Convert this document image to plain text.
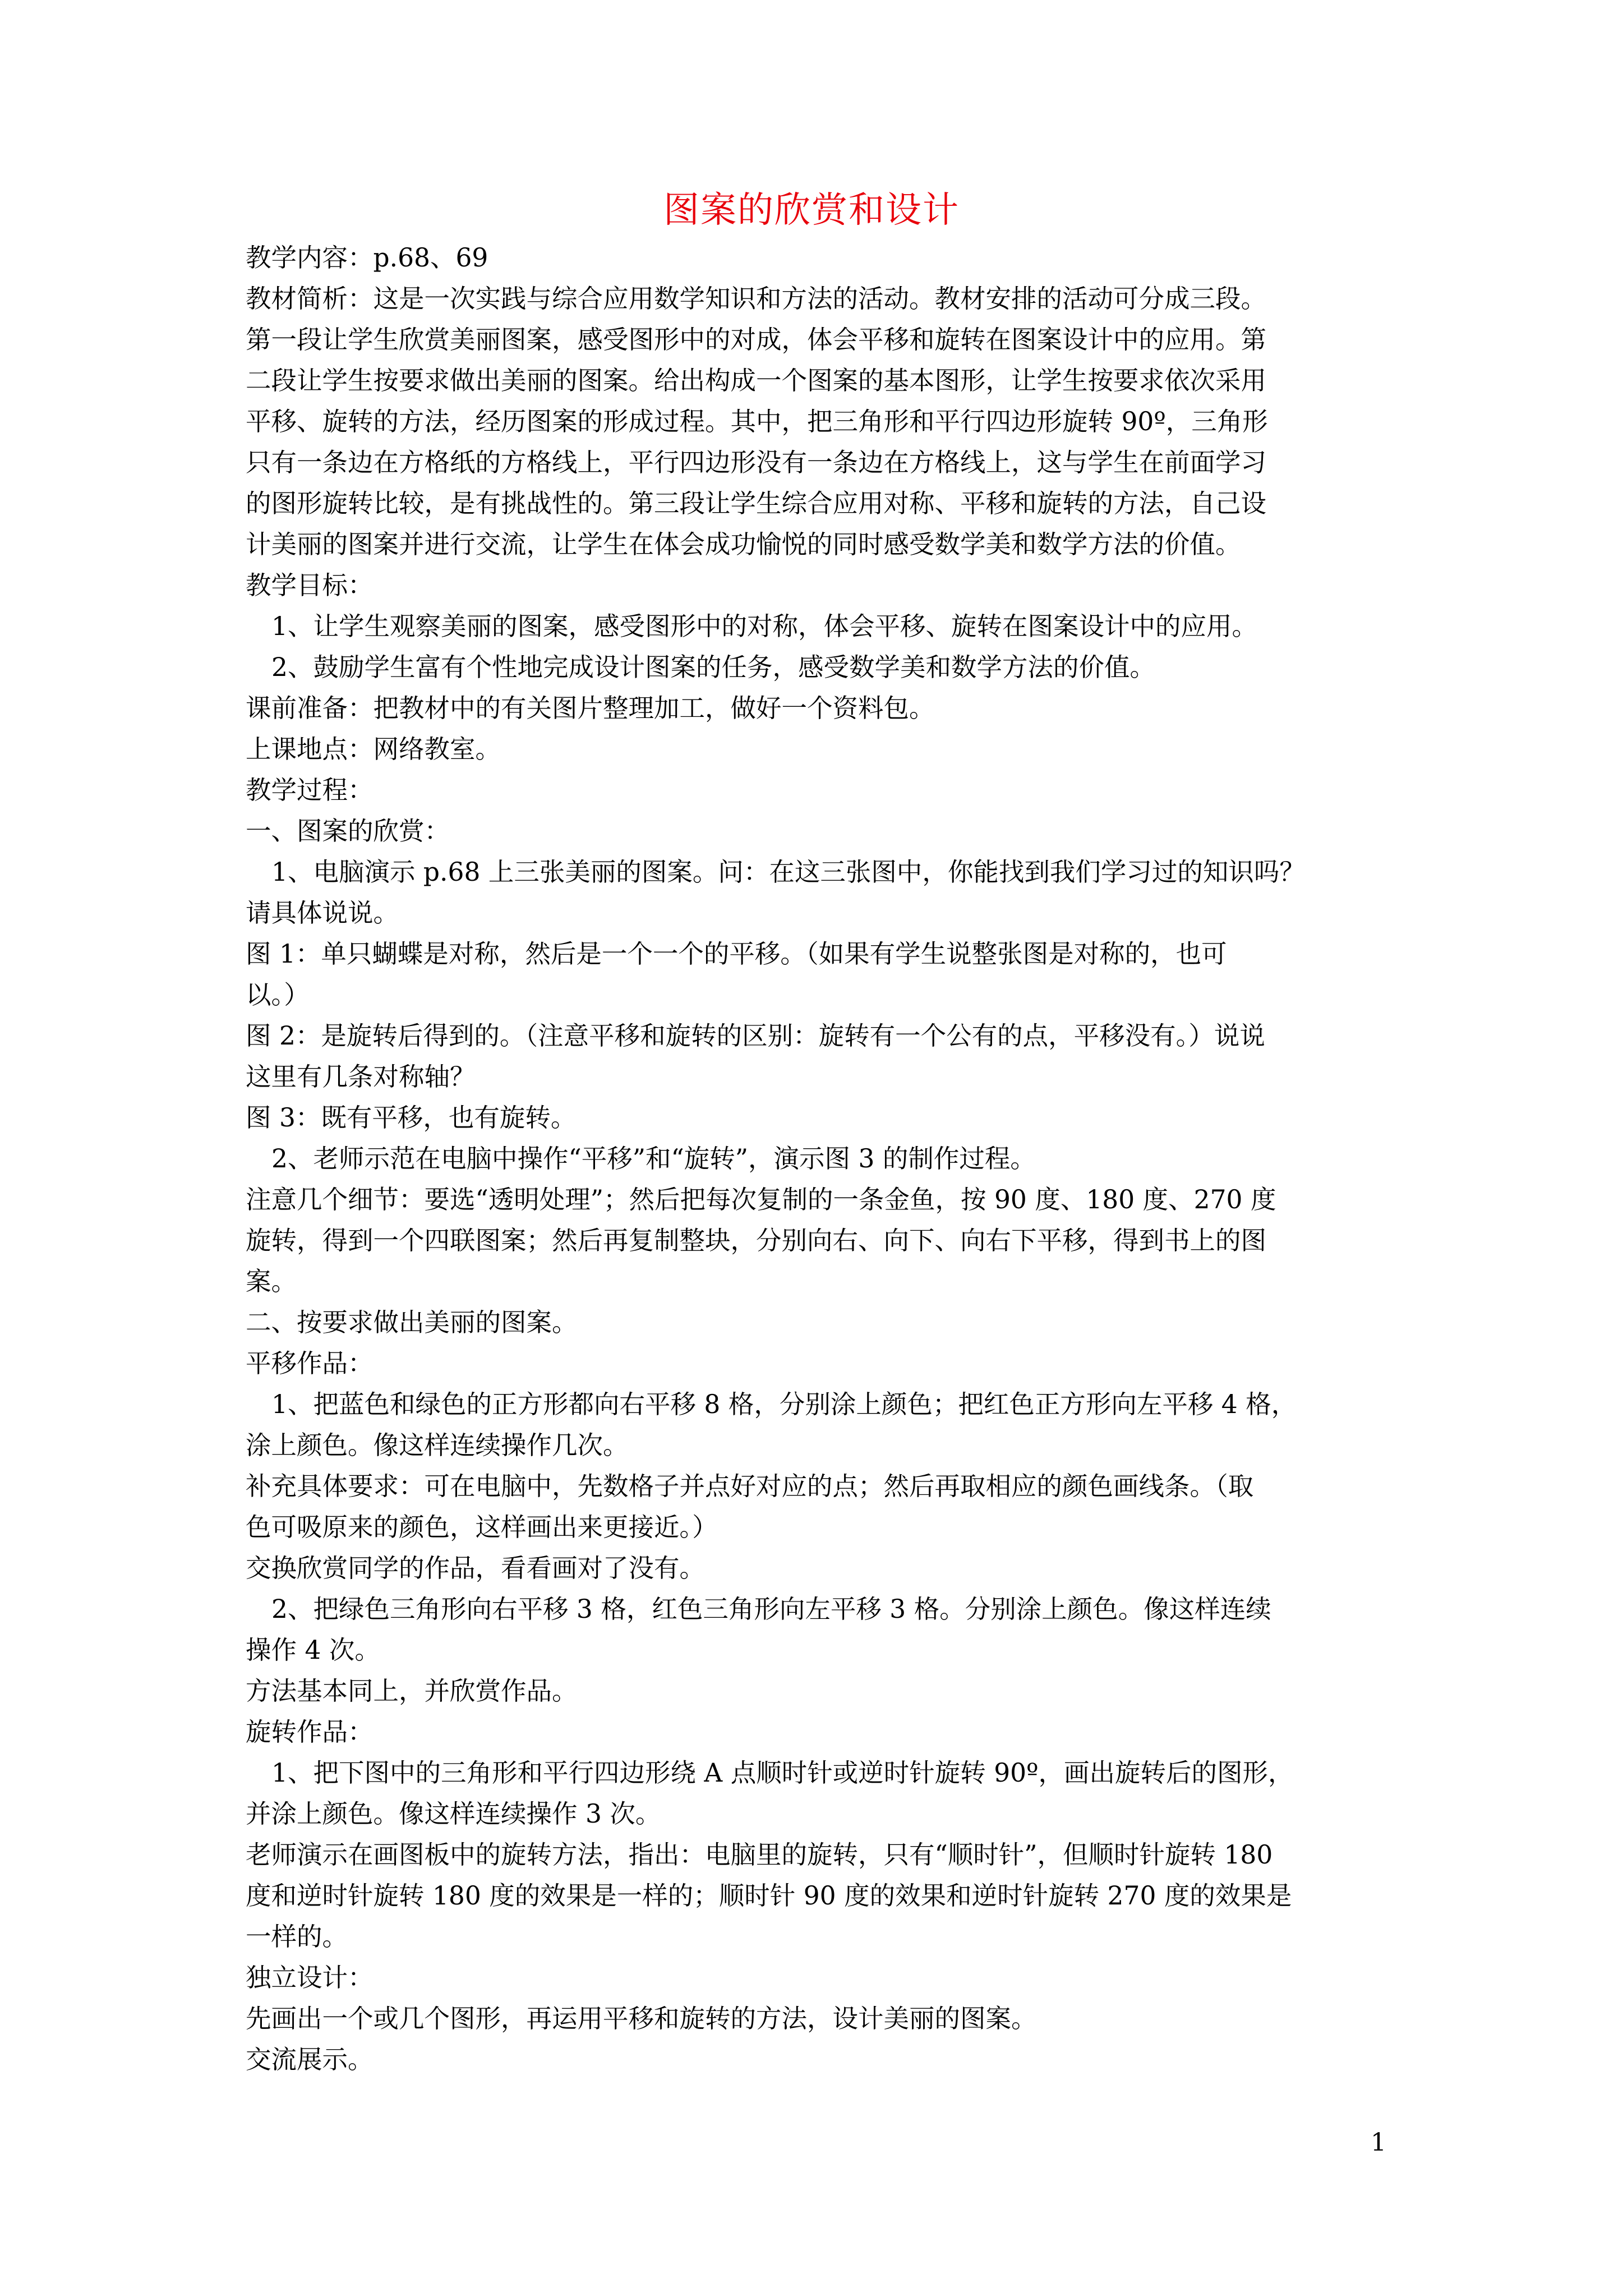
图案的欣赏和设计
教学内容：p.68、69
教材简析：这是一次实践与综合应用数学知识和方法的活动。教材安排的活动可分成三段。
第一段让学生欣赏美丽图案，感受图形中的对成，体会平移和旋转在图案设计中的应用。第
二段让学生按要求做出美丽的图案。给出构成一个图案的基本图形，让学生按要求依次采用
平移、旋转的方法，经历图案的形成过程。其中，把三角形和平行四边形旋转 90º，三角形
只有一条边在方格纸的方格线上，平行四边形没有一条边在方格线上，这与学生在前面学习
的图形旋转比较，是有挑战性的。第三段让学生综合应用对称、平移和旋转的方法，自己设
计美丽的图案并进行交流，让学生在体会成功愉悦的同时感受数学美和数学方法的价值。
教学目标：
1、让学生观察美丽的图案，感受图形中的对称，体会平移、旋转在图案设计中的应用。
2、鼓励学生富有个性地完成设计图案的任务，感受数学美和数学方法的价值。
课前准备：把教材中的有关图片整理加工，做好一个资料包。
上课地点：网络教室。
教学过程：
一、图案的欣赏：
1、电脑演示 p.68 上三张美丽的图案。问：在这三张图中，你能找到我们学习过的知识吗？
请具体说说。
图 1：单只蝴蝶是对称，然后是一个一个的平移。（如果有学生说整张图是对称的，也可
以。）
图 2：是旋转后得到的。（注意平移和旋转的区别：旋转有一个公有的点，平移没有。）说说
这里有几条对称轴？
图 3：既有平移，也有旋转。
2、老师示范在电脑中操作“平移”和“旋转”，演示图 3 的制作过程。
注意几个细节：要选“透明处理”；然后把每次复制的一条金鱼，按 90 度、180 度、270 度
旋转，得到一个四联图案；然后再复制整块，分别向右、向下、向右下平移，得到书上的图
案。
二、按要求做出美丽的图案。
平移作品：
1、把蓝色和绿色的正方形都向右平移 8 格，分别涂上颜色；把红色正方形向左平移 4 格，
涂上颜色。像这样连续操作几次。
补充具体要求：可在电脑中，先数格子并点好对应的点；然后再取相应的颜色画线条。（取
色可吸原来的颜色，这样画出来更接近。）
交换欣赏同学的作品，看看画对了没有。
2、把绿色三角形向右平移 3 格，红色三角形向左平移 3 格。分别涂上颜色。像这样连续
操作 4 次。
方法基本同上，并欣赏作品。
旋转作品：
1、把下图中的三角形和平行四边形绕 A 点顺时针或逆时针旋转 90º，画出旋转后的图形，
并涂上颜色。像这样连续操作 3 次。
老师演示在画图板中的旋转方法，指出：电脑里的旋转，只有“顺时针”，但顺时针旋转 180
度和逆时针旋转 180 度的效果是一样的；顺时针 90 度的效果和逆时针旋转 270 度的效果是
一样的。
独立设计：
先画出一个或几个图形，再运用平移和旋转的方法，设计美丽的图案。
交流展示。
1
